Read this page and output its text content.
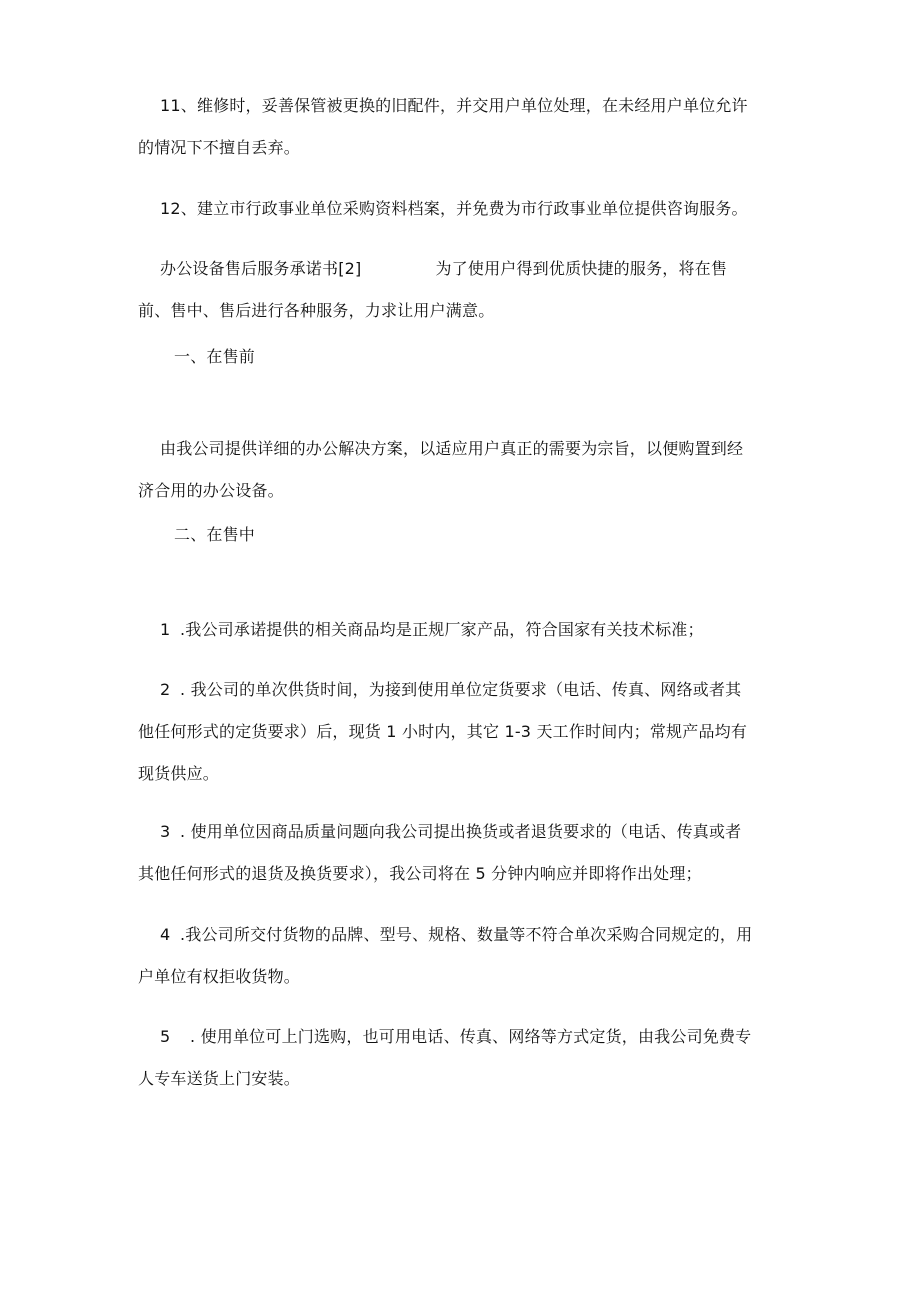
11、维修时，妥善保管被更换的旧配件，并交用户单位处理，在未经用户单位允许
的情况下不擅自丢弃。
12、建立市行政事业单位采购资料档案，并免费为市行政事业单位提供咨询服务。
办公设备售后服务承诺书[2]	为了使用户得到优质快捷的服务，将在售
前、售中、售后进行各种服务，力求让用户满意。
一、在售前
由我公司提供详细的办公解决方案，以适应用户真正的需要为宗旨，以便购置到经
济合用的办公设备。
二、在售中
1 .我公司承诺提供的相关商品均是正规厂家产品，符合国家有关技术标准；
2 . 我公司的单次供货时间，为接到使用单位定货要求（电话、传真、网络或者其
他任何形式的定货要求）后，现货 1 小时内，其它 1-3 天工作时间内；常规产品均有
现货供应。
3 . 使用单位因商品质量问题向我公司提出换货或者退货要求的（电话、传真或者
其他任何形式的退货及换货要求），我公司将在 5 分钟内响应并即将作出处理；
4 .我公司所交付货物的品牌、型号、规格、数量等不符合单次采购合同规定的，用
户单位有权拒收货物。
5 . 使用单位可上门选购，也可用电话、传真、网络等方式定货，由我公司免费专
人专车送货上门安装。
